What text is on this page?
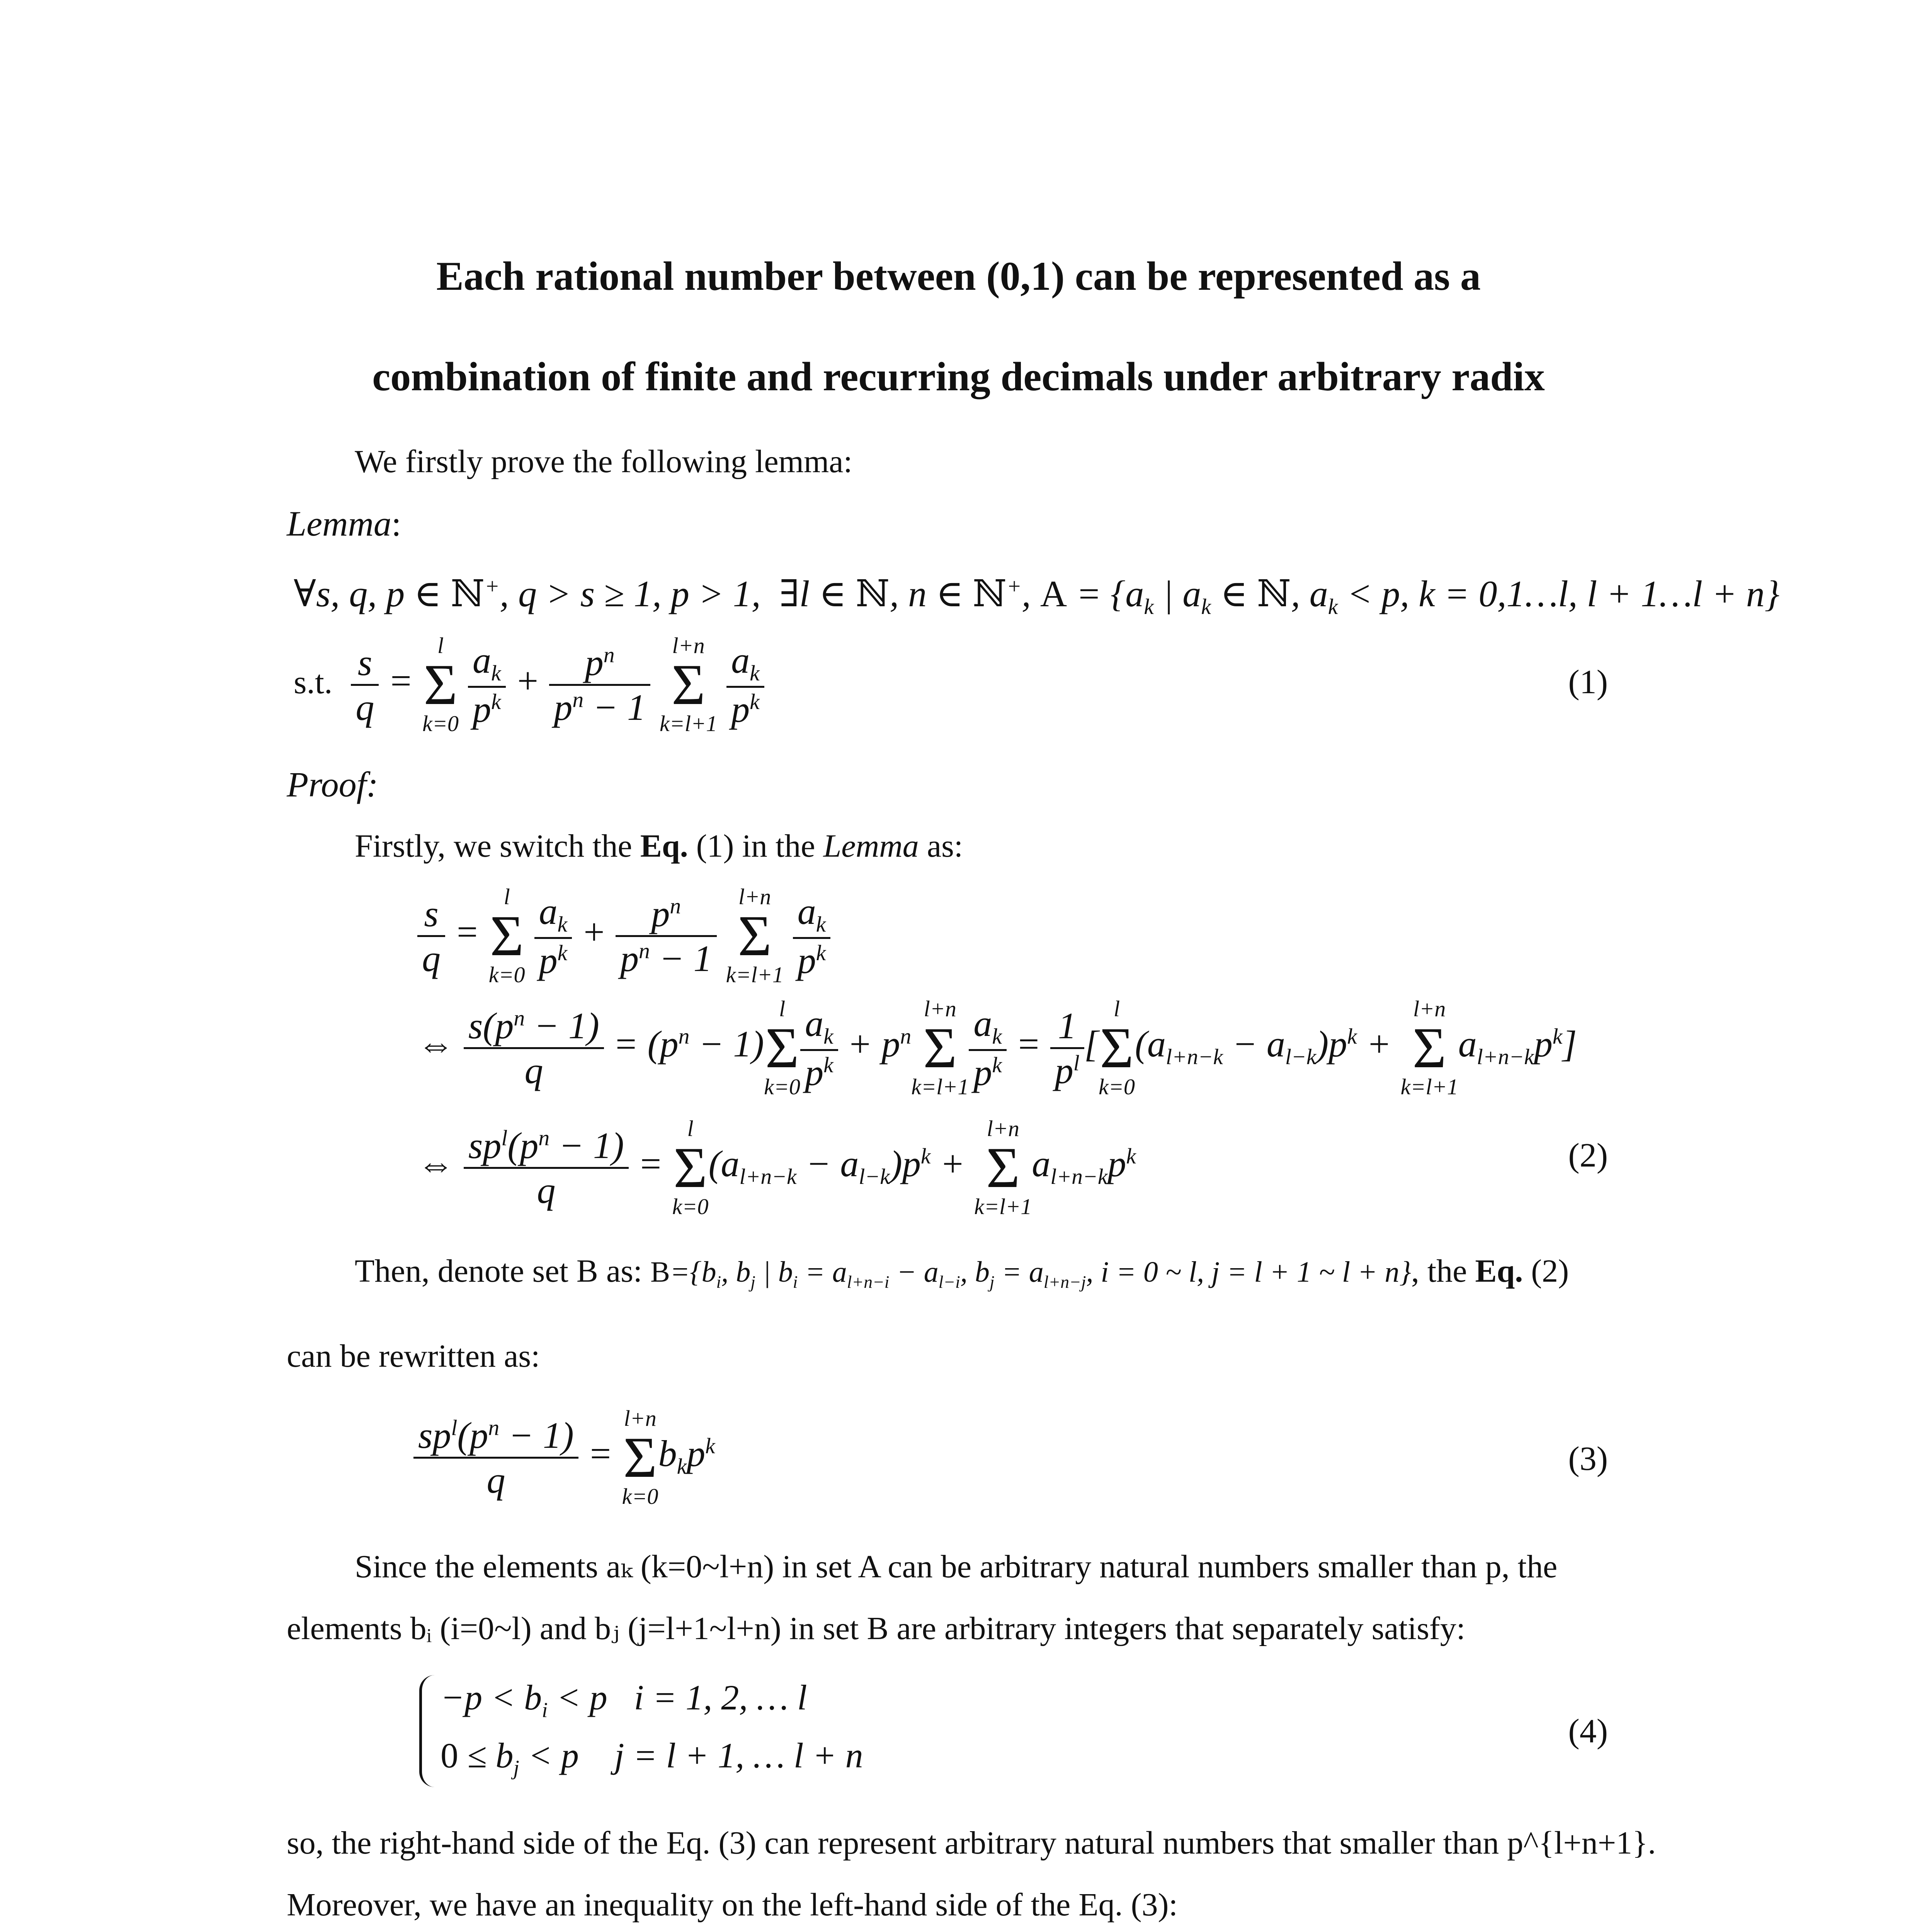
Each rational number between (0,1) can be represented as a
combination of finite and recurring decimals under arbitrary radix
We firstly prove the following lemma:
Lemma:
∀s, q, p ∈ ℕ+, q > s ≥ 1, p > 1,  ∃l ∈ ℕ, n ∈ ℕ+, $A = \{a_k$ | $a_k$ ∈ ℕ, $a_k < p$, k = 0,1…l, l + 1…l + n}
s.t. $\frac{s}{q}$ =
l
Σ
k=0
$\frac{a_k}{p^k} + \frac{p^n}{p^n - 1}$
l+n
Σ
k=l+1
$\frac{a_k}{p^k}$	(1)
Proof:
Firstly, we switch the Eq. (1) in the Lemma as:
$\frac{s}{q}$ =
l
Σ
k=0
$\frac{a_k}{p^k} + \frac{p^n}{p^n - 1}$
l+n
Σ
k=l+1
$\frac{a_k}{p^k}$
⇔ $\frac{s(p^n - 1)}{q} = (p^n - 1)$
l
Σ
$k=0 \frac{a_k}{p^k} + p^n$
l+n
Σ
$k=l+1 \frac{a_k}{p^k} = \frac{1}{p^l}$ [
l
Σ
k=0
$(a_{l+n-k} - a_{l-k})p^k$ +
l+n
Σ
k=l+1
$a_{l+n-k}p^k$]
⇔ $\frac{sp^l(p^n - 1)}{q}$ =
l
Σ
k=0
$(a_{l+n-k} - a_{l-k})p^k$ +
l+n
Σ
k=l+1
$a_{l+n-k}p^k$	(2)
Then, denote set B as: $B=\{b_i$, $b_j$ | $b_i = a_{l+n-i} - a_{l-i}$, $b_j = a_{l+n-j}$, i = 0 ~ l, j = l + 1 ~ l + n}, the Eq. (2)
can be rewritten as:
$\frac{sp^l(p^n - 1)}{q}$ =
l+n
Σ
k=0
$b_kp^k$	(3)
Since the elements aₖ (k=0~l+n) in set A can be arbitrary natural numbers smaller than p, the
elements bᵢ (i=0~l) and bⱼ (j=l+1~l+n) in set B are arbitrary integers that separately satisfy:
$-p < b_i < p$   i = 1, 2, … l
$0 \le b_j < p$    j = l + 1, … l + n
(4)
so, the right-hand side of the Eq. (3) can represent arbitrary natural numbers that smaller than p^{l+n+1}.
Moreover, we have an inequality on the left-hand side of the Eq. (3):
